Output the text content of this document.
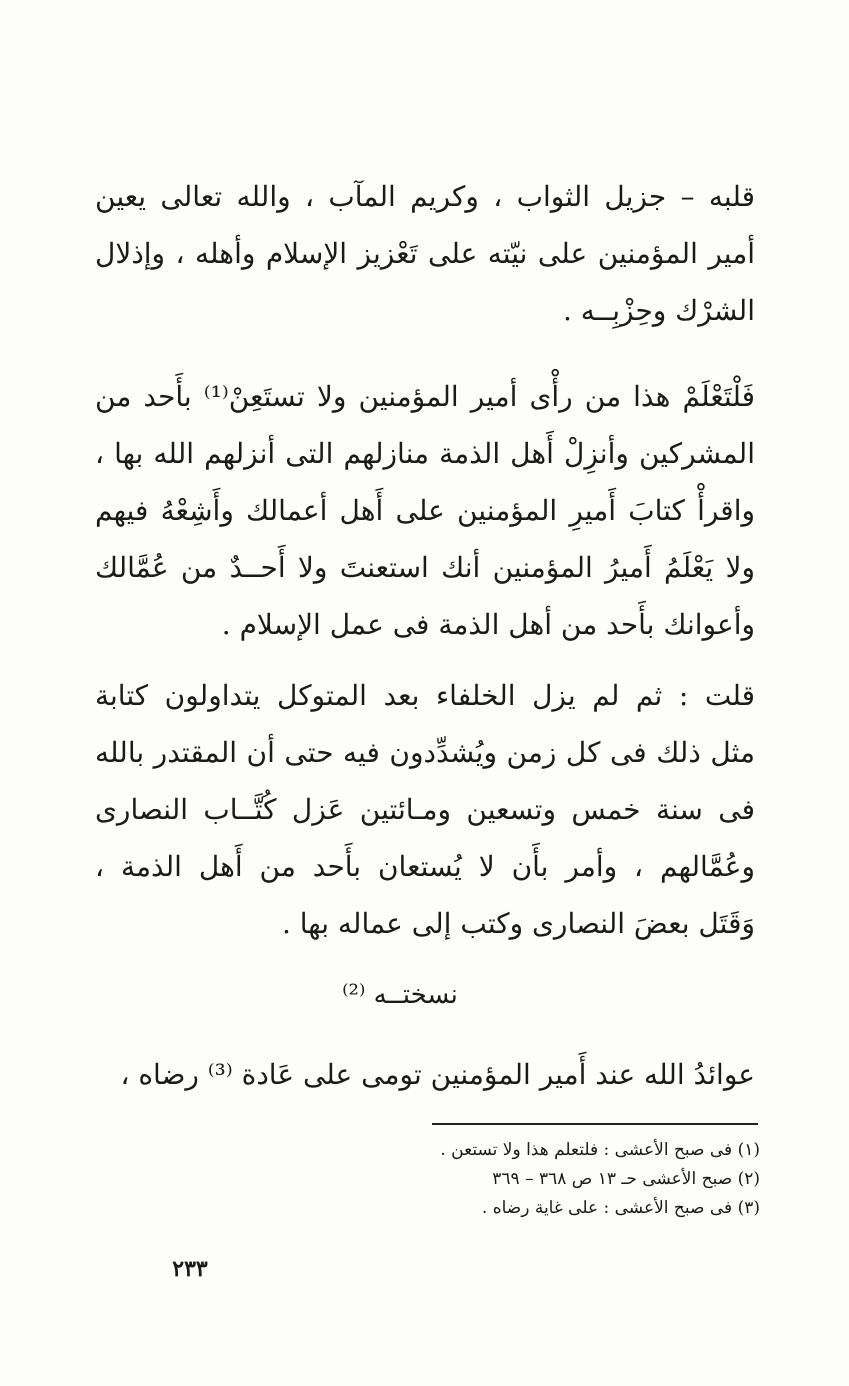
قلبه – جزيل الثواب ، وكريم المآب ، والله تعالى يعين
أمير المؤمنين على نيّته على تَعْزيز الإسلام وأهله ، وإذلال
الشرْك وحِزْبِــه .
فَلْتَعْلَمْ هذا من رأْى أمير المؤمنين ولا تستَعِنْ⁽¹⁾ بأَحد من
المشركين وأنزِلْ أَهل الذمة منازلهم التى أنزلهم الله بها ،
واقرأْ كتابَ أَميرِ المؤمنين على أَهل أعمالك وأَشِعْهُ فيهم
ولا يَعْلَمُ أَميرُ المؤمنين أنك استعنتَ ولا أَحــدٌ من عُمَّالك
وأعوانك بأَحد من أهل الذمة فى عمل الإسلام .
قلت : ثم لم يزل الخلفاء بعد المتوكل يتداولون كتابة
مثل ذلك فى كل زمن ويُشدِّدون فيه حتى أن المقتدر بالله
فى سنة خمس وتسعين ومـائتين عَزل كُتَّــاب النصارى
وعُمَّالهم ، وأمر بأَن لا يُستعان بأَحد من أَهل الذمة ،
وَقَتَل بعضَ النصارى وكتب إلى عماله بها .
نسختــه ⁽²⁾
عوائدُ الله عند أَمير المؤمنين تومى على عَادة ⁽³⁾ رضاه ،
(١) فى صبح الأعشى : فلتعلم هذا ولا تستعن .
(٢) صبح الأعشى حـ ١٣ ص ٣٦٨ – ٣٦٩
(٣) فى صبح الأعشى : على غاية رضاه .
٢٣٣
